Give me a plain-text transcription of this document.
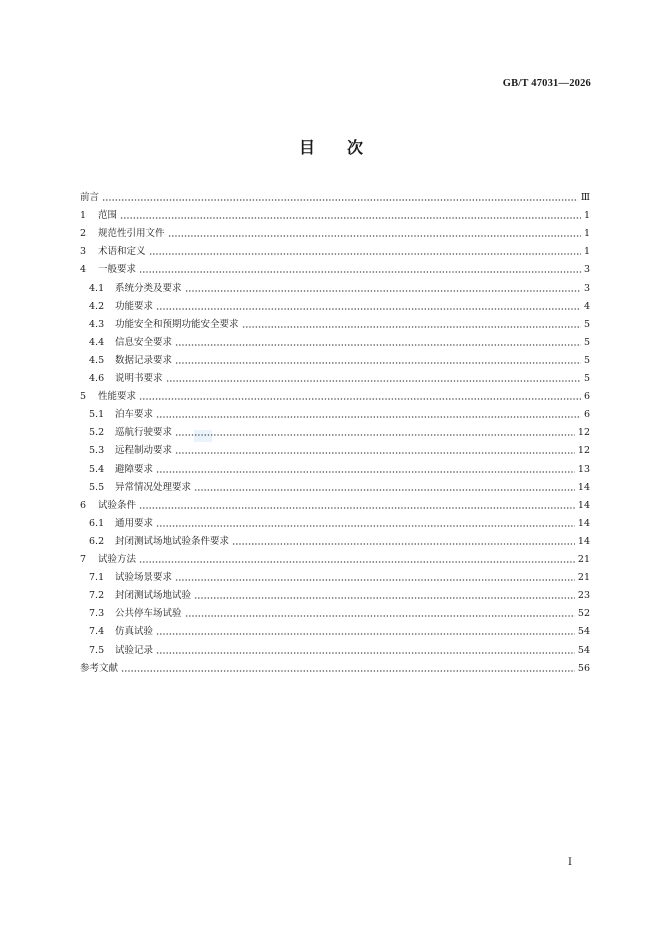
GB/T 47031—2026
目 次
前言	Ⅲ
1	范围	1
2	规范性引用文件	1
3	术语和定义	1
4	一般要求	3
4.1	系统分类及要求	3
4.2	功能要求	4
4.3	功能安全和预期功能安全要求	5
4.4	信息安全要求	5
4.5	数据记录要求	5
4.6	说明书要求	5
5	性能要求	6
5.1	泊车要求	6
5.2	巡航行驶要求	12
5.3	远程制动要求	12
5.4	避障要求	13
5.5	异常情况处理要求	14
6	试验条件	14
6.1	通用要求	14
6.2	封闭测试场地试验条件要求	14
7	试验方法	21
7.1	试验场景要求	21
7.2	封闭测试场地试验	23
7.3	公共停车场试验	52
7.4	仿真试验	54
7.5	试验记录	54
参考文献	56
Ⅰ
